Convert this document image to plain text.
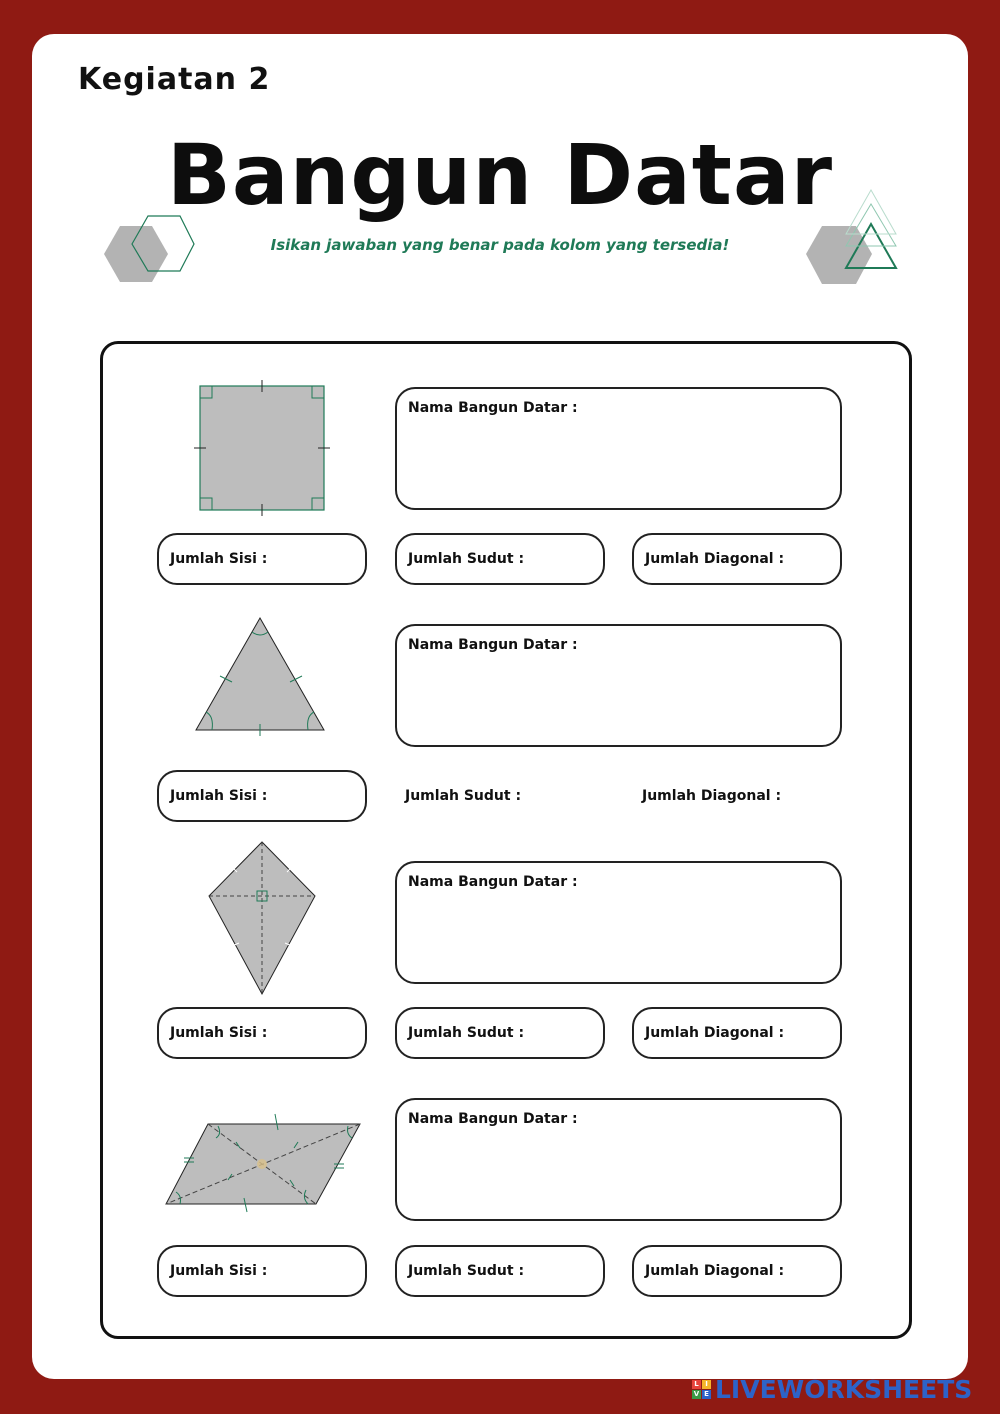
Kegiatan 2
Bangun Datar
Isikan jawaban yang benar pada kolom yang tersedia!
Nama Bangun Datar :
Jumlah Sisi :	Jumlah Sudut :	Jumlah Diagonal :
Nama Bangun Datar :
Jumlah Sisi :	Jumlah Sudut :	Jumlah Diagonal :
Nama Bangun Datar :
Jumlah Sisi :	Jumlah Sudut :	Jumlah Diagonal :
Nama Bangun Datar :
Jumlah Sisi :	Jumlah Sudut :	Jumlah Diagonal :
L I
V E LIVEWORKSHEETS
